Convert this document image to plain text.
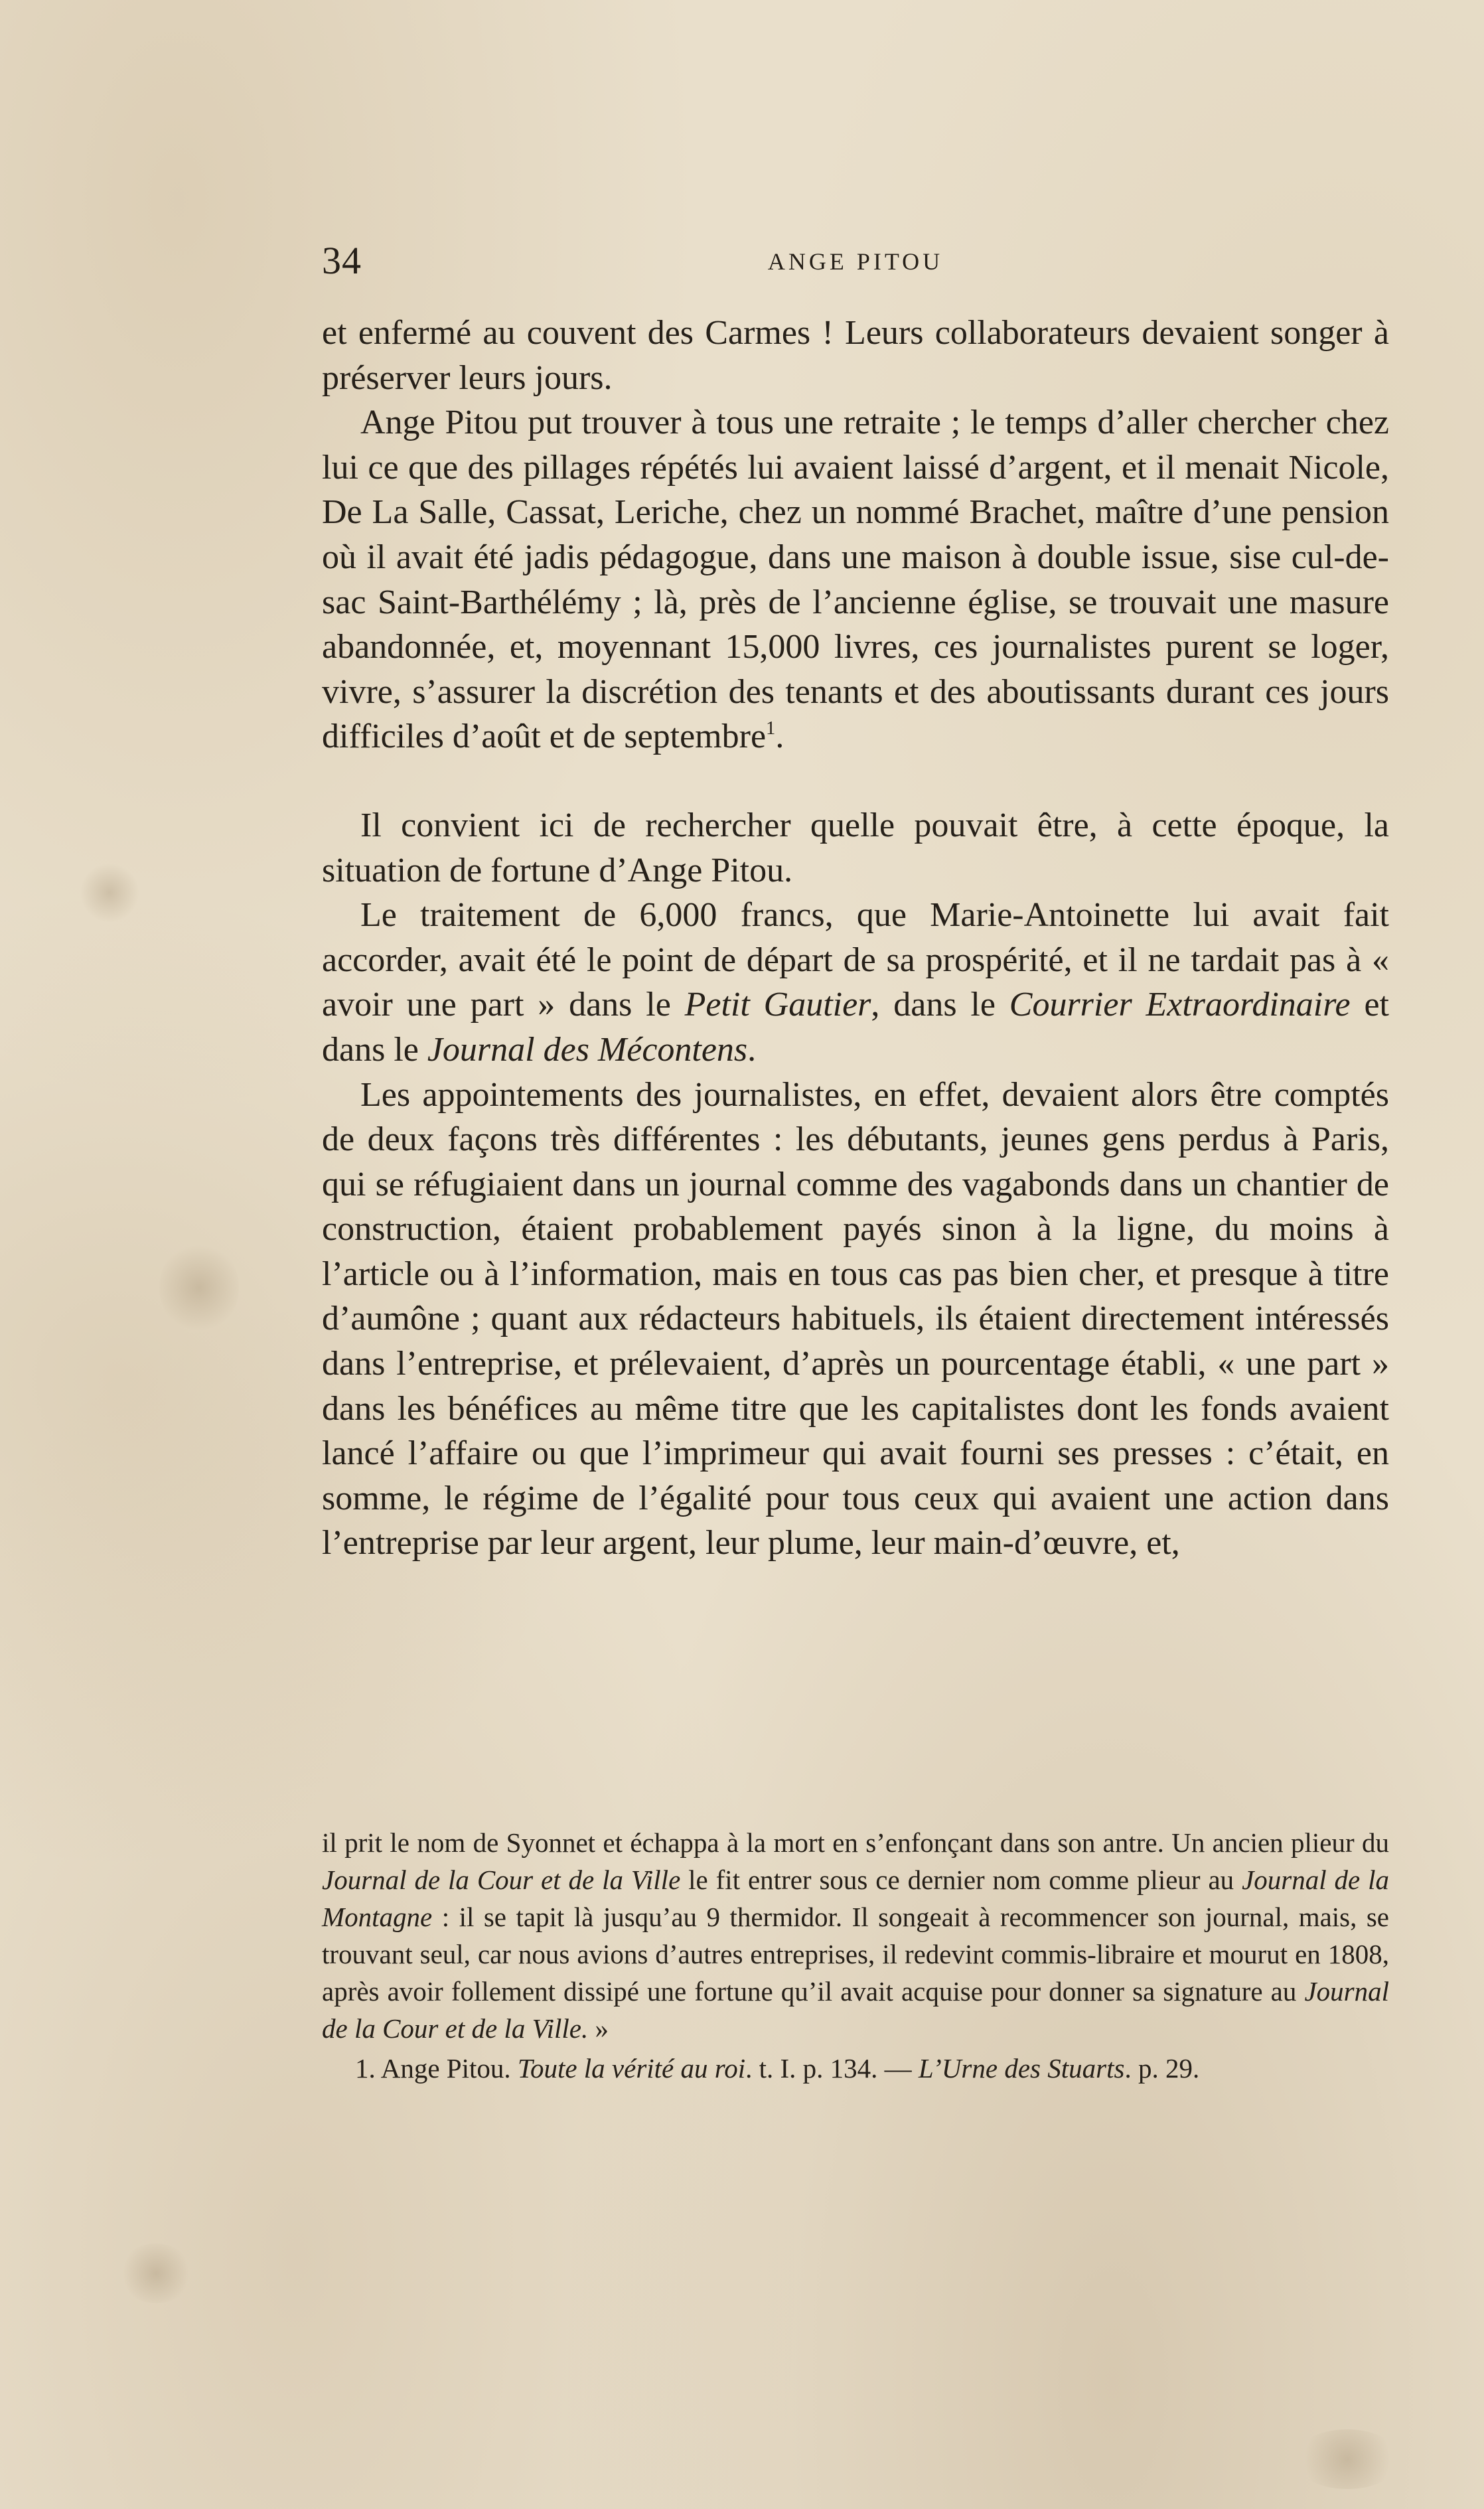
34	ANGE PITOU

et enfermé au couvent des Carmes ! Leurs collaborateurs devaient songer à préserver leurs jours.

Ange Pitou put trouver à tous une retraite ; le temps d’aller chercher chez lui ce que des pillages répétés lui avaient laissé d’argent, et il menait Nicole, De La Salle, Cassat, Leriche, chez un nommé Brachet, maître d’une pension où il avait été jadis pédagogue, dans une maison à double issue, sise cul-de-sac Saint-Barthélémy ; là, près de l’ancienne église, se trouvait une masure abandonnée, et, moyennant 15,000 livres, ces journalistes purent se loger, vivre, s’assurer la discrétion des tenants et des aboutissants durant ces jours difficiles d’août et de septembre$^1$.

Il convient ici de rechercher quelle pouvait être, à cette époque, la situation de fortune d’Ange Pitou.

Le traitement de 6,000 francs, que Marie-Antoinette lui avait fait accorder, avait été le point de départ de sa prospérité, et il ne tardait pas à « avoir une part » dans le Petit Gautier, dans le Courrier Extraordinaire et dans le Journal des Mécontens.

Les appointements des journalistes, en effet, devaient alors être comptés de deux façons très différentes : les débutants, jeunes gens perdus à Paris, qui se réfugiaient dans un journal comme des vagabonds dans un chantier de construction, étaient probablement payés sinon à la ligne, du moins à l’article ou à l’information, mais en tous cas pas bien cher, et presque à titre d’aumône ; quant aux rédacteurs habituels, ils étaient directement intéressés dans l’entreprise, et prélevaient, d’après un pourcentage établi, « une part » dans les bénéfices au même titre que les capitalistes dont les fonds avaient lancé l’affaire ou que l’imprimeur qui avait fourni ses presses : c’était, en somme, le régime de l’égalité pour tous ceux qui avaient une action dans l’entreprise par leur argent, leur plume, leur main-d’œuvre, et,

il prit le nom de Syonnet et échappa à la mort en s’enfonçant dans son antre. Un ancien plieur du Journal de la Cour et de la Ville le fit entrer sous ce dernier nom comme plieur au Journal de la Montagne : il se tapit là jusqu’au 9 thermidor. Il songeait à recommencer son journal, mais, se trouvant seul, car nous avions d’autres entreprises, il redevint commis-libraire et mourut en 1808, après avoir follement dissipé une fortune qu’il avait acquise pour donner sa signature au Journal de la Cour et de la Ville. »

1. Ange Pitou. Toute la vérité au roi. t. I. p. 134. — L’Urne des Stuarts. p. 29.
